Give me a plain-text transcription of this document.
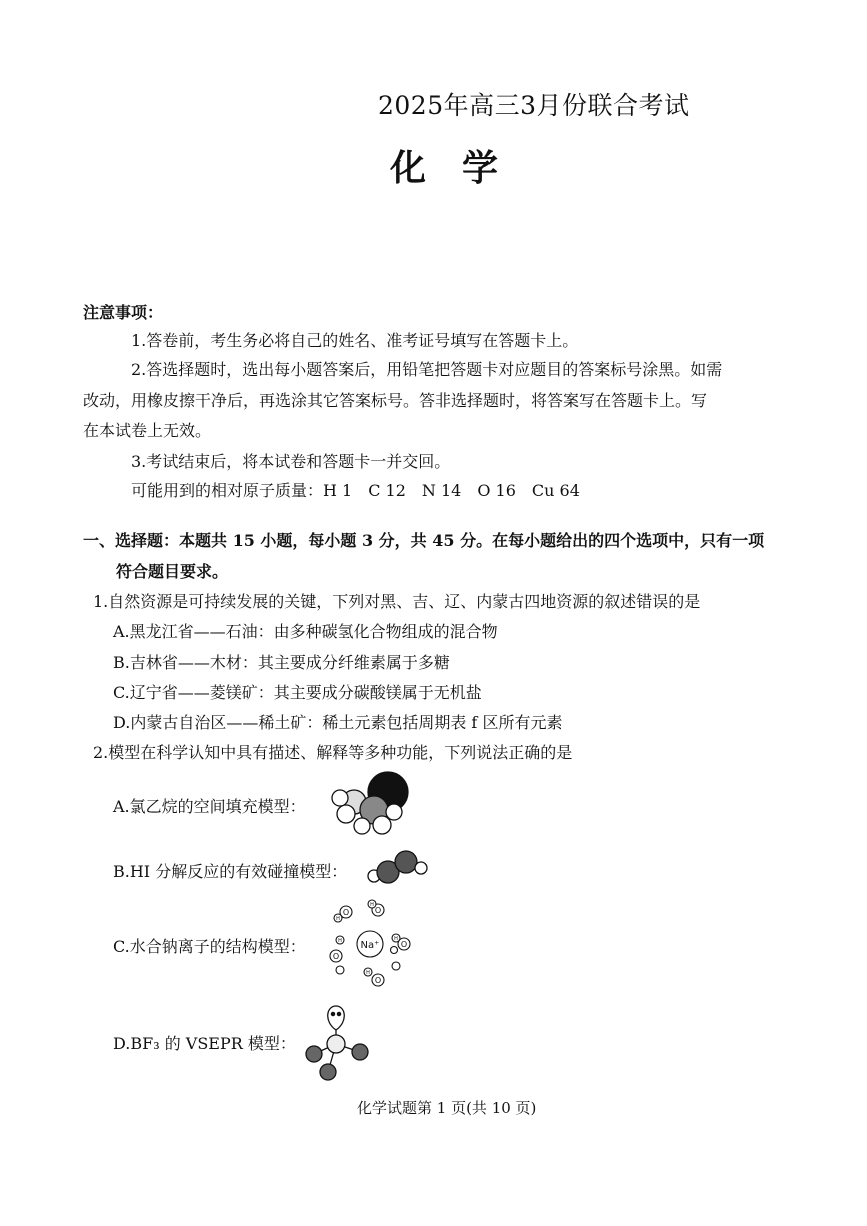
2025年高三3月份联合考试
化学
注意事项：
1.答卷前，考生务必将自己的姓名、准考证号填写在答题卡上。
2.答选择题时，选出每小题答案后，用铅笔把答题卡对应题目的答案标号涂黑。如需
改动，用橡皮擦干净后，再选涂其它答案标号。答非选择题时，将答案写在答题卡上。写
在本试卷上无效。
3.考试结束后，将本试卷和答题卡一并交回。
可能用到的相对原子质量：H 1　C 12　N 14　O 16　Cu 64
一、选择题：本题共 15 小题，每小题 3 分，共 45 分。在每小题给出的四个选项中，只有一项
符合题目要求。
1.自然资源是可持续发展的关键，下列对黑、吉、辽、内蒙古四地资源的叙述错误的是
A.黑龙江省——石油：由多种碳氢化合物组成的混合物
B.吉林省——木材：其主要成分纤维素属于多糖
C.辽宁省——菱镁矿：其主要成分碳酸镁属于无机盐
D.内蒙古自治区——稀土矿：稀土元素包括周期表 f 区所有元素
2.模型在科学认知中具有描述、解释等多种功能，下列说法正确的是
A.氯乙烷的空间填充模型：
B.HI 分解反应的有效碰撞模型：
C.水合钠离子的结构模型：	Na⁺
O	O
O
O
O
H
H
H
H
H
D.BF₃ 的 VSEPR 模型：
化学试题第 1 页(共 10 页)
